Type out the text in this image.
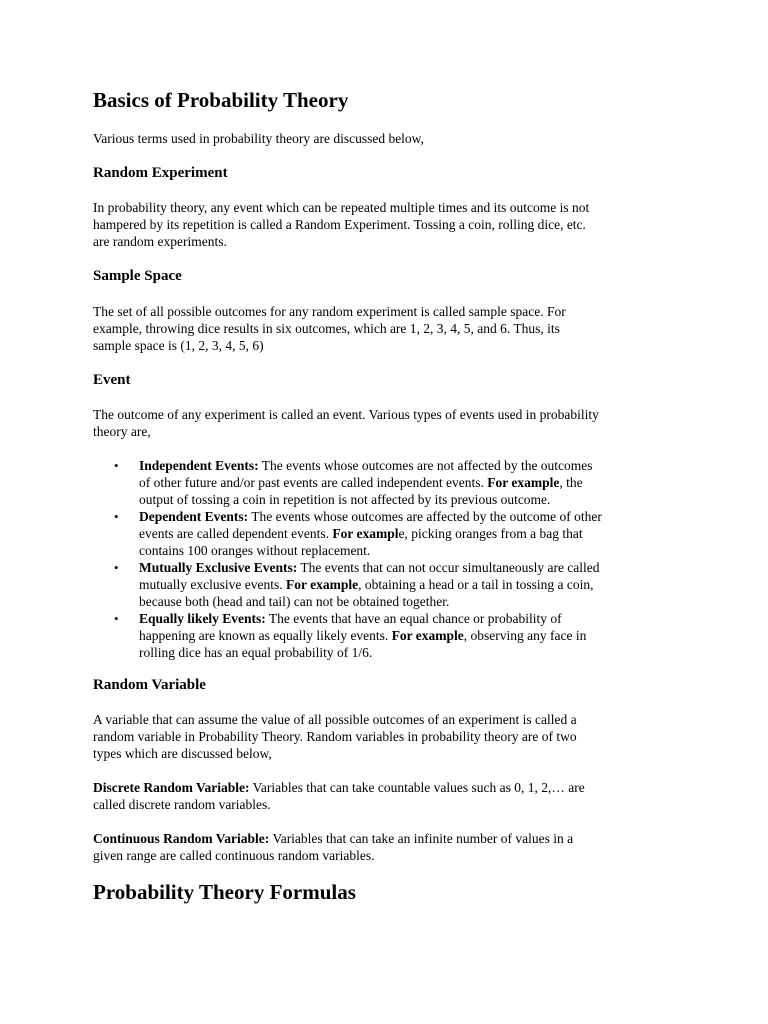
Basics of Probability Theory

Various terms used in probability theory are discussed below,

Random Experiment

In probability theory, any event which can be repeated multiple times and its outcome is not
hampered by its repetition is called a Random Experiment. Tossing a coin, rolling dice, etc.
are random experiments.

Sample Space

The set of all possible outcomes for any random experiment is called sample space. For
example, throwing dice results in six outcomes, which are 1, 2, 3, 4, 5, and 6. Thus, its
sample space is (1, 2, 3, 4, 5, 6)

Event

The outcome of any experiment is called an event. Various types of events used in probability
theory are,

• Independent Events: The events whose outcomes are not affected by the outcomes
of other future and/or past events are called independent events. For example, the
output of tossing a coin in repetition is not affected by its previous outcome.
• Dependent Events: The events whose outcomes are affected by the outcome of other
events are called dependent events. For example, picking oranges from a bag that
contains 100 oranges without replacement.
• Mutually Exclusive Events: The events that can not occur simultaneously are called
mutually exclusive events. For example, obtaining a head or a tail in tossing a coin,
because both (head and tail) can not be obtained together.
• Equally likely Events: The events that have an equal chance or probability of
happening are known as equally likely events. For example, observing any face in
rolling dice has an equal probability of 1/6.
Random Variable

A variable that can assume the value of all possible outcomes of an experiment is called a
random variable in Probability Theory. Random variables in probability theory are of two
types which are discussed below,

Discrete Random Variable: Variables that can take countable values such as 0, 1, 2,… are
called discrete random variables.

Continuous Random Variable: Variables that can take an infinite number of values in a
given range are called continuous random variables.

Probability Theory Formulas
